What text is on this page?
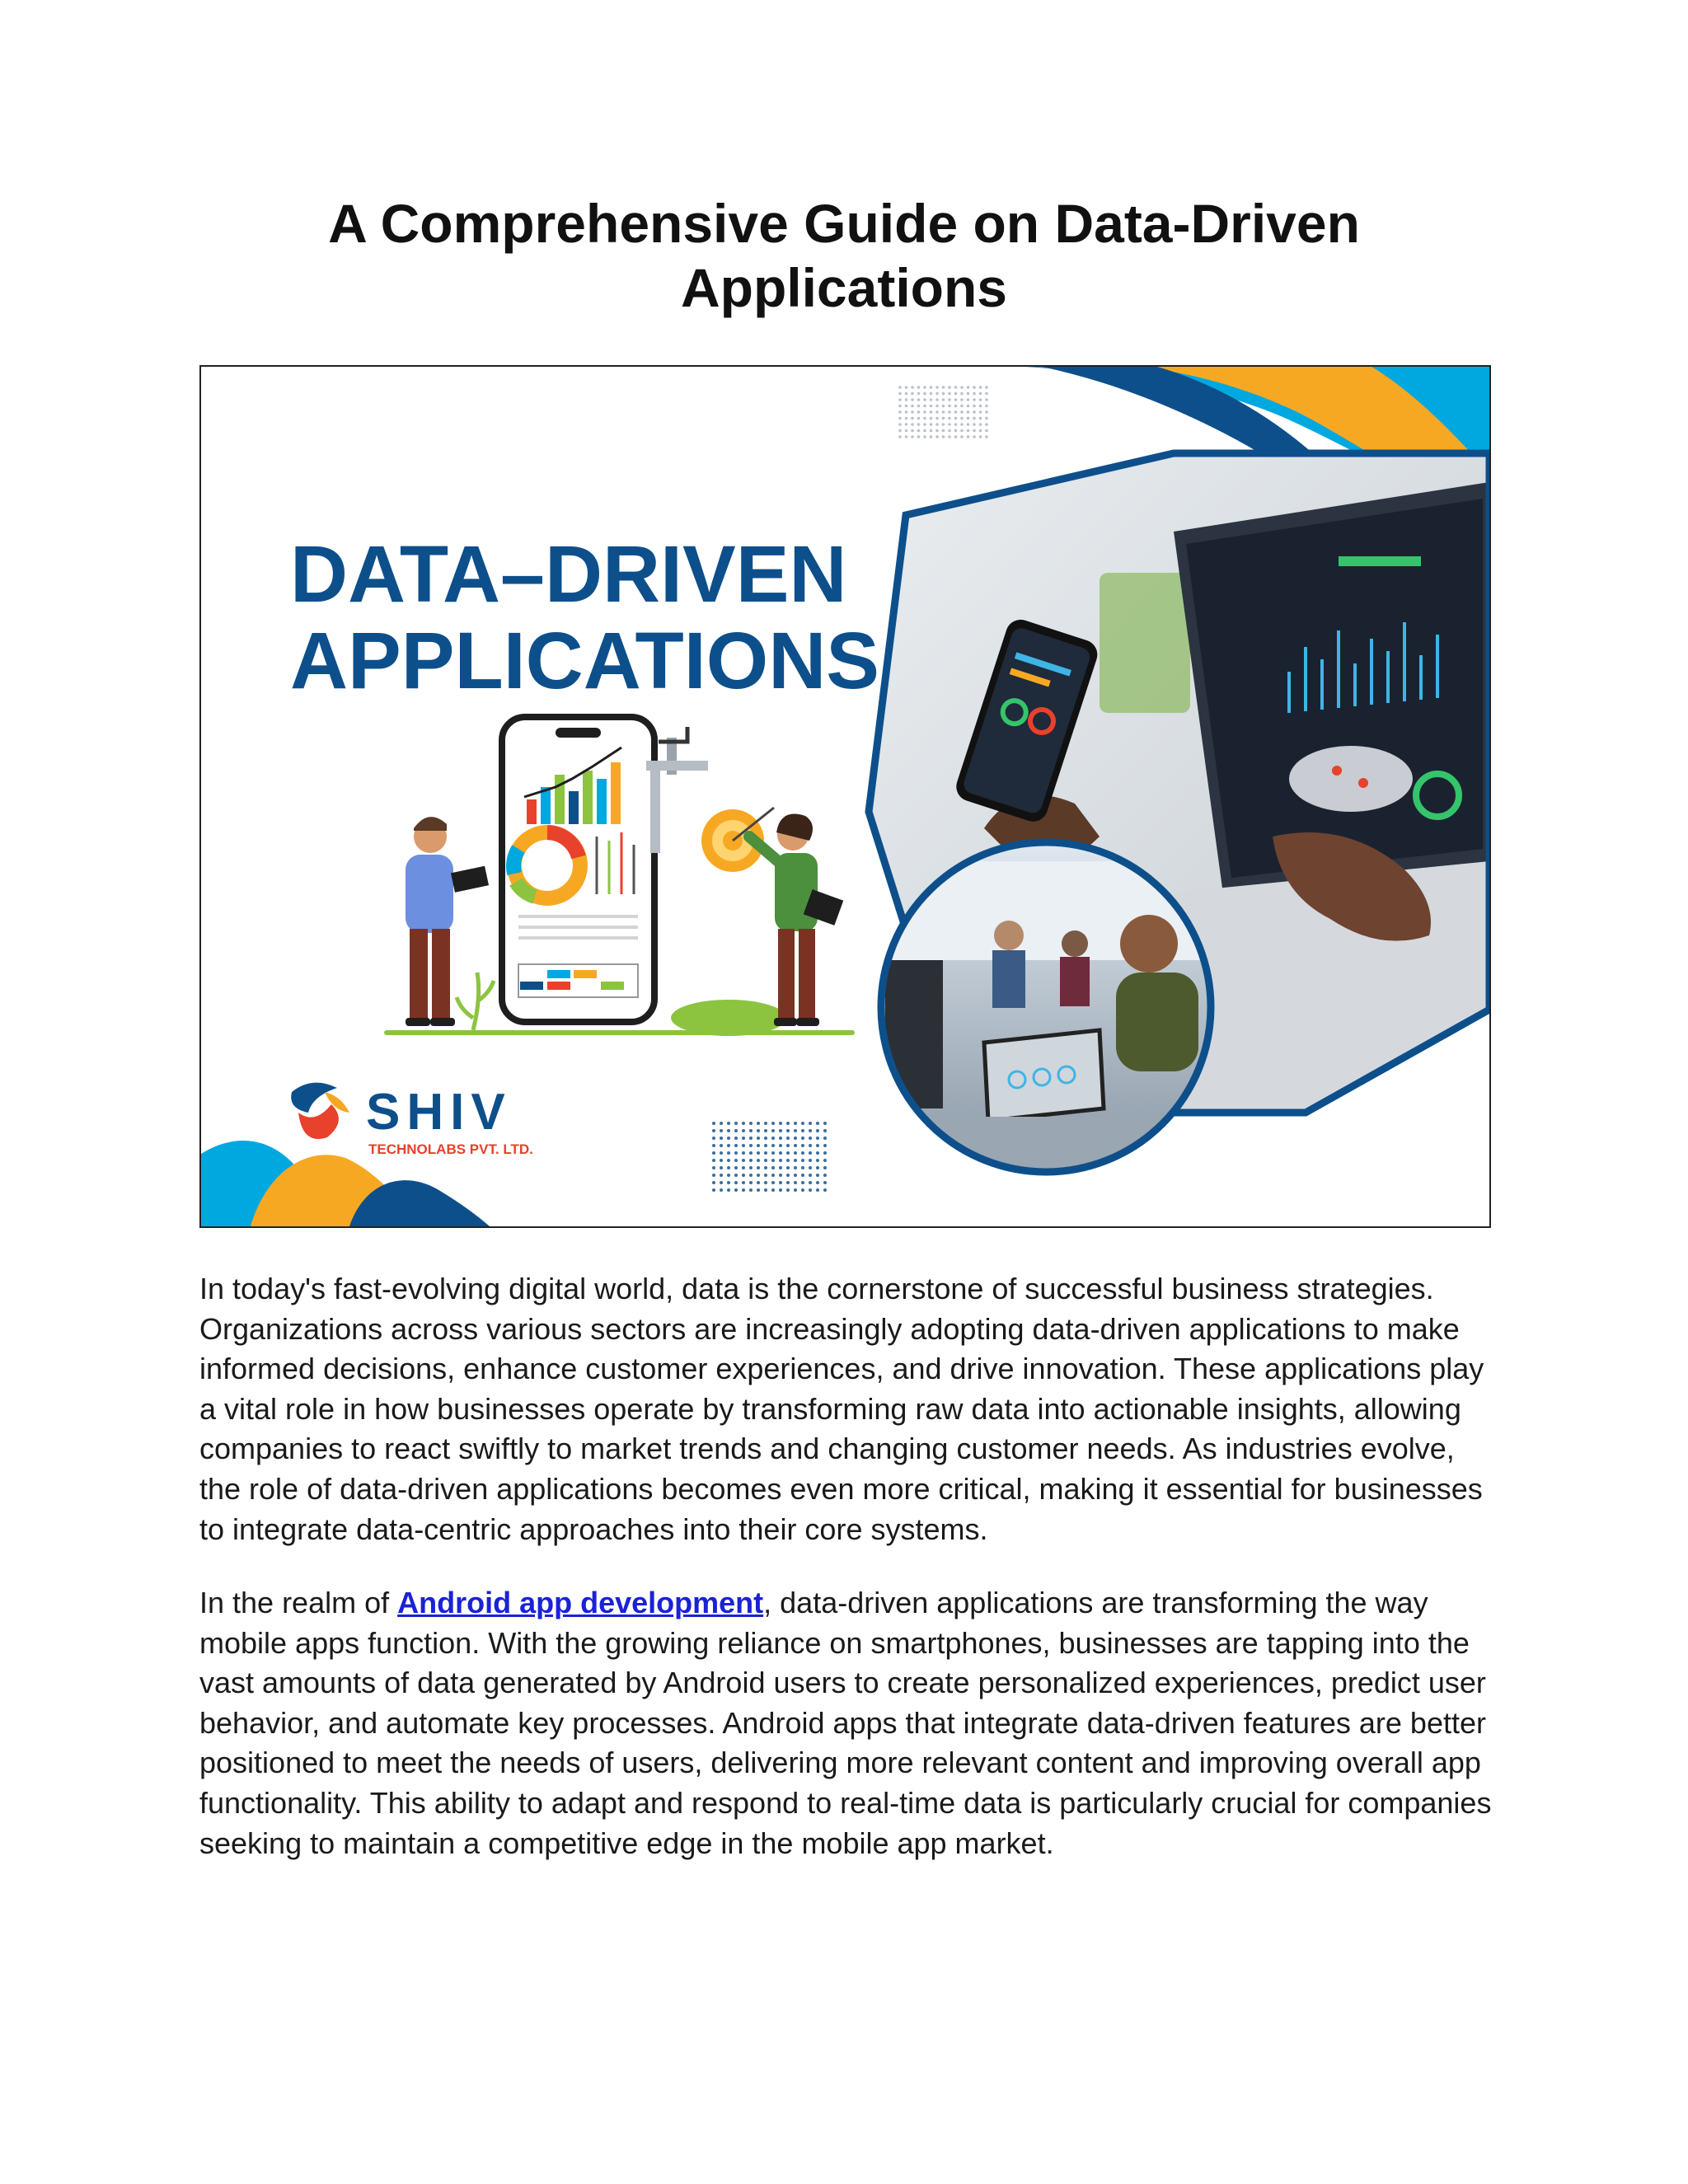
A Comprehensive Guide on Data-Driven
Applications
DATA–DRIVEN
APPLICATIONS
SHIV
TECHNOLABS PVT. LTD.

In today's fast-evolving digital world, data is the cornerstone of successful business strategies. Organizations across various sectors are increasingly adopting data-driven applications to make informed decisions, enhance customer experiences, and drive innovation. These applications play a vital role in how businesses operate by transforming raw data into actionable insights, allowing companies to react swiftly to market trends and changing customer needs. As industries evolve, the role of data-driven applications becomes even more critical, making it essential for businesses to integrate data-centric approaches into their core systems.

In the realm of Android app development, data-driven applications are transforming the way mobile apps function. With the growing reliance on smartphones, businesses are tapping into the vast amounts of data generated by Android users to create personalized experiences, predict user behavior, and automate key processes. Android apps that integrate data-driven features are better positioned to meet the needs of users, delivering more relevant content and improving overall app functionality. This ability to adapt and respond to real-time data is particularly crucial for companies seeking to maintain a competitive edge in the mobile app market.
